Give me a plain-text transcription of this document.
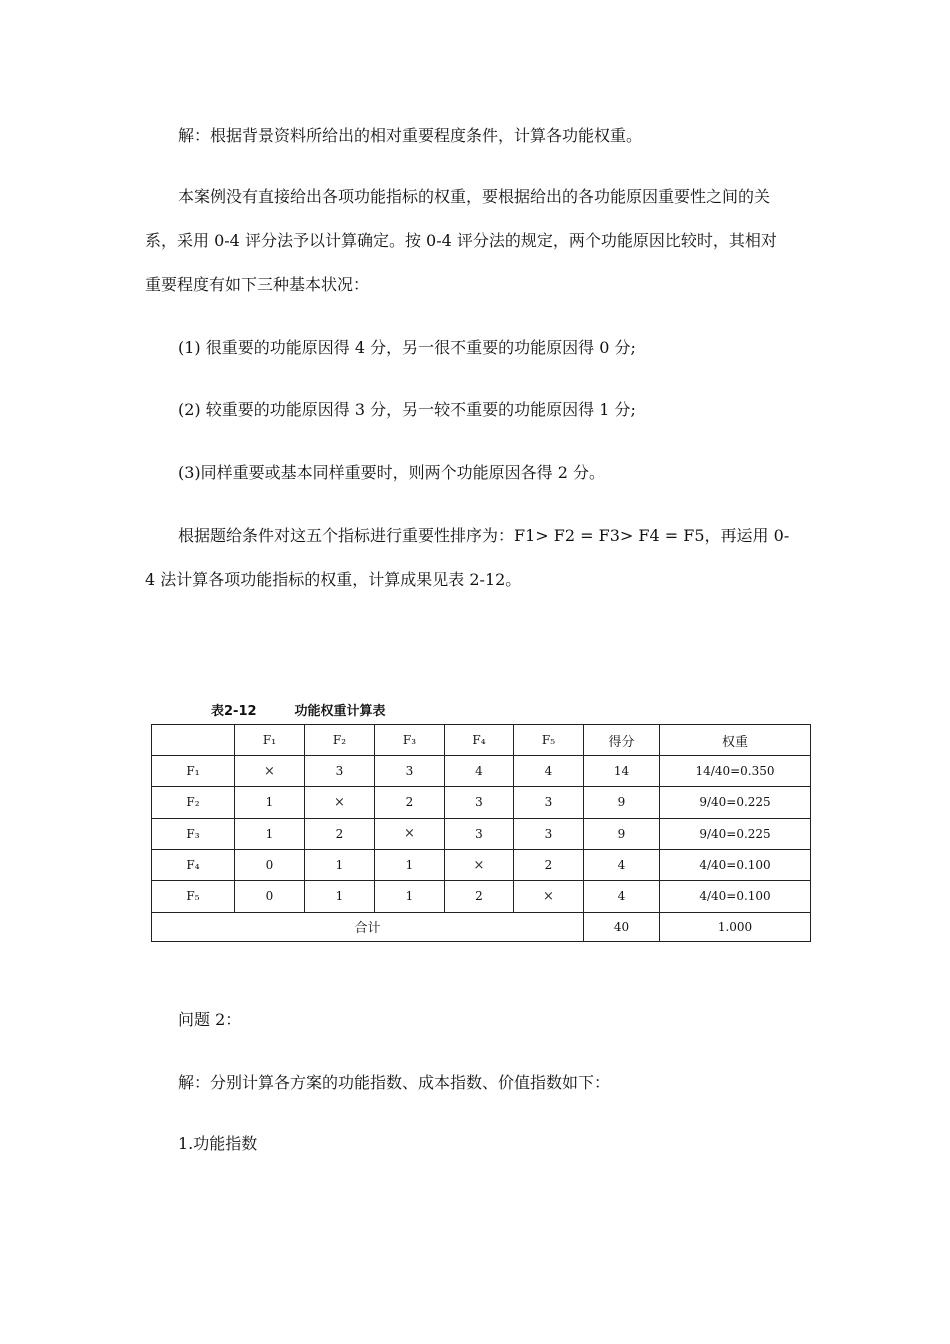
解：根据背景资料所给出的相对重要程度条件，计算各功能权重。

本案例没有直接给出各项功能指标的权重，要根据给出的各功能原因重要性之间的关
系，采用 0-4 评分法予以计算确定。按 0-4 评分法的规定，两个功能原因比较时，其相对
重要程度有如下三种基本状况：

(1) 很重要的功能原因得 4 分，另一很不重要的功能原因得 0 分;

(2) 较重要的功能原因得 3 分，另一较不重要的功能原因得 1 分;

(3)同样重要或基本同样重要时，则两个功能原因各得 2 分。

根据题给条件对这五个指标进行重要性排序为：F1> F2 = F3> F4 = F5，再运用 0-
4 法计算各项功能指标的权重，计算成果见表 2-12。

表2-12	功能权重计算表
	F₁	F₂	F₃	F₄	F₅	得分	权重
F₁	×	3	3	4	4	14	14/40=0.350
F₂	1	×	2	3	3	9	9/40=0.225
F₃	1	2	×	3	3	9	9/40=0.225
F₄	0	1	1	×	2	4	4/40=0.100
F₅	0	1	1	2	×	4	4/40=0.100
合计						40	1.000

问题 2：

解：分别计算各方案的功能指数、成本指数、价值指数如下：

1.功能指数
